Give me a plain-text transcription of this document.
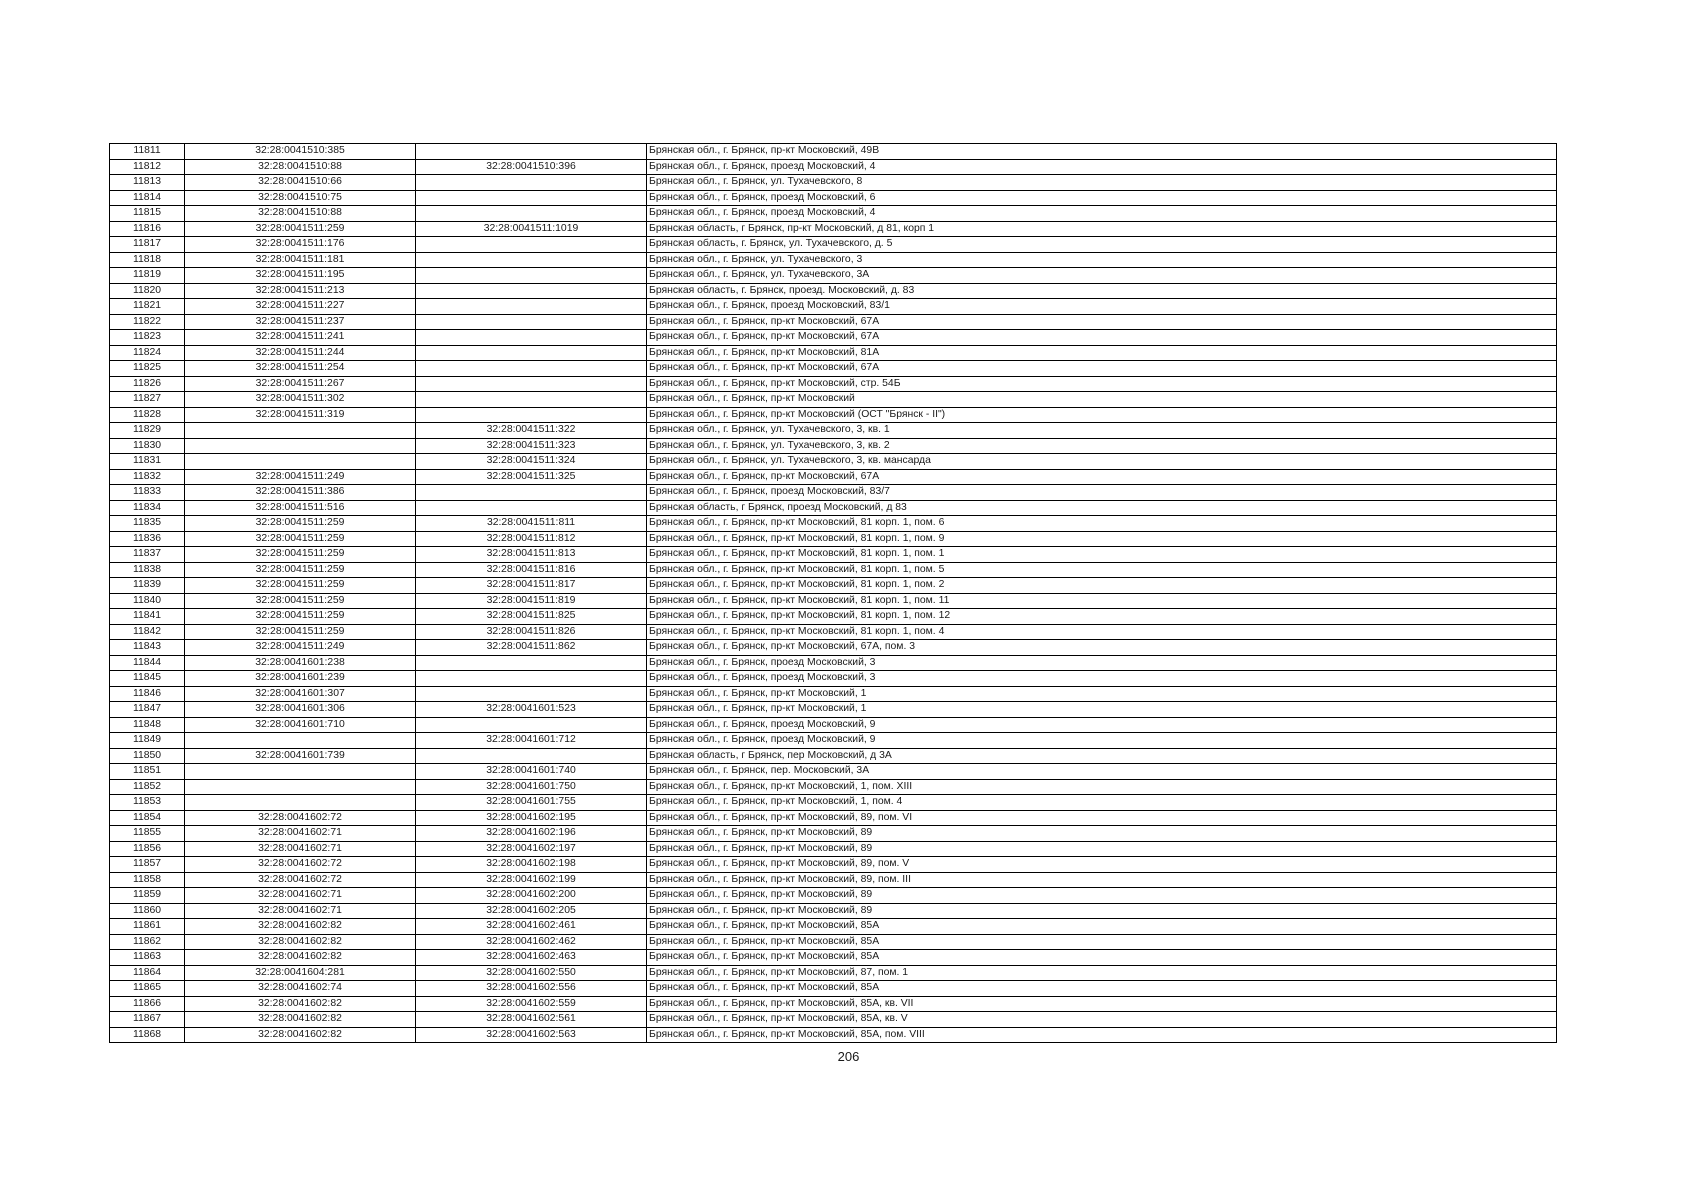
11811	32:28:0041510:385		Брянская обл., г. Брянск, пр-кт Московский, 49В
11812	32:28:0041510:88	32:28:0041510:396	Брянская обл., г. Брянск, проезд Московский, 4
11813	32:28:0041510:66		Брянская обл., г. Брянск, ул. Тухачевского, 8
11814	32:28:0041510:75		Брянская обл., г. Брянск, проезд Московский, 6
11815	32:28:0041510:88		Брянская обл., г. Брянск, проезд Московский, 4
11816	32:28:0041511:259	32:28:0041511:1019	Брянская область, г Брянск, пр-кт Московский, д 81, корп 1
11817	32:28:0041511:176		Брянская область, г. Брянск, ул. Тухачевского, д. 5
11818	32:28:0041511:181		Брянская обл., г. Брянск, ул. Тухачевского, 3
11819	32:28:0041511:195		Брянская обл., г. Брянск, ул. Тухачевского, 3А
11820	32:28:0041511:213		Брянская область, г. Брянск, проезд. Московский, д. 83
11821	32:28:0041511:227		Брянская обл., г. Брянск, проезд Московский, 83/1
11822	32:28:0041511:237		Брянская обл., г. Брянск, пр-кт Московский, 67А
11823	32:28:0041511:241		Брянская обл., г. Брянск, пр-кт Московский, 67А
11824	32:28:0041511:244		Брянская обл., г. Брянск, пр-кт Московский, 81А
11825	32:28:0041511:254		Брянская обл., г. Брянск, пр-кт Московский, 67А
11826	32:28:0041511:267		Брянская обл., г. Брянск, пр-кт Московский, стр. 54Б
11827	32:28:0041511:302		Брянская обл., г. Брянск, пр-кт Московский
11828	32:28:0041511:319		Брянская обл., г. Брянск, пр-кт Московский (ОСТ "Брянск - II")
11829		32:28:0041511:322	Брянская обл., г. Брянск, ул. Тухачевского, 3, кв. 1
11830		32:28:0041511:323	Брянская обл., г. Брянск, ул. Тухачевского, 3, кв. 2
11831		32:28:0041511:324	Брянская обл., г. Брянск, ул. Тухачевского, 3, кв. мансарда
11832	32:28:0041511:249	32:28:0041511:325	Брянская обл., г. Брянск, пр-кт Московский, 67А
11833	32:28:0041511:386		Брянская обл., г. Брянск, проезд Московский, 83/7
11834	32:28:0041511:516		Брянская область, г Брянск, проезд Московский, д 83
11835	32:28:0041511:259	32:28:0041511:811	Брянская обл., г. Брянск, пр-кт Московский, 81 корп. 1, пом. 6
11836	32:28:0041511:259	32:28:0041511:812	Брянская обл., г. Брянск, пр-кт Московский, 81 корп. 1, пом. 9
11837	32:28:0041511:259	32:28:0041511:813	Брянская обл., г. Брянск, пр-кт Московский, 81 корп. 1, пом. 1
11838	32:28:0041511:259	32:28:0041511:816	Брянская обл., г. Брянск, пр-кт Московский, 81 корп. 1, пом. 5
11839	32:28:0041511:259	32:28:0041511:817	Брянская обл., г. Брянск, пр-кт Московский, 81 корп. 1, пом. 2
11840	32:28:0041511:259	32:28:0041511:819	Брянская обл., г. Брянск, пр-кт Московский, 81 корп. 1, пом. 11
11841	32:28:0041511:259	32:28:0041511:825	Брянская обл., г. Брянск, пр-кт Московский, 81 корп. 1, пом. 12
11842	32:28:0041511:259	32:28:0041511:826	Брянская обл., г. Брянск, пр-кт Московский, 81 корп. 1, пом. 4
11843	32:28:0041511:249	32:28:0041511:862	Брянская обл., г. Брянск, пр-кт Московский, 67А, пом. 3
11844	32:28:0041601:238		Брянская обл., г. Брянск, проезд Московский, 3
11845	32:28:0041601:239		Брянская обл., г. Брянск, проезд Московский, 3
11846	32:28:0041601:307		Брянская обл., г. Брянск, пр-кт Московский, 1
11847	32:28:0041601:306	32:28:0041601:523	Брянская обл., г. Брянск, пр-кт Московский, 1
11848	32:28:0041601:710		Брянская обл., г. Брянск, проезд Московский, 9
11849		32:28:0041601:712	Брянская обл., г. Брянск, проезд Московский, 9
11850	32:28:0041601:739		Брянская область, г Брянск, пер Московский, д 3А
11851		32:28:0041601:740	Брянская обл., г. Брянск, пер. Московский, 3А
11852		32:28:0041601:750	Брянская обл., г. Брянск, пр-кт Московский, 1, пом. XIII
11853		32:28:0041601:755	Брянская обл., г. Брянск, пр-кт Московский, 1, пом. 4
11854	32:28:0041602:72	32:28:0041602:195	Брянская обл., г. Брянск, пр-кт Московский, 89, пом. VI
11855	32:28:0041602:71	32:28:0041602:196	Брянская обл., г. Брянск, пр-кт Московский, 89
11856	32:28:0041602:71	32:28:0041602:197	Брянская обл., г. Брянск, пр-кт Московский, 89
11857	32:28:0041602:72	32:28:0041602:198	Брянская обл., г. Брянск, пр-кт Московский, 89, пом. V
11858	32:28:0041602:72	32:28:0041602:199	Брянская обл., г. Брянск, пр-кт Московский, 89, пом. III
11859	32:28:0041602:71	32:28:0041602:200	Брянская обл., г. Брянск, пр-кт Московский, 89
11860	32:28:0041602:71	32:28:0041602:205	Брянская обл., г. Брянск, пр-кт Московский, 89
11861	32:28:0041602:82	32:28:0041602:461	Брянская обл., г. Брянск, пр-кт Московский, 85А
11862	32:28:0041602:82	32:28:0041602:462	Брянская обл., г. Брянск, пр-кт Московский, 85А
11863	32:28:0041602:82	32:28:0041602:463	Брянская обл., г. Брянск, пр-кт Московский, 85А
11864	32:28:0041604:281	32:28:0041602:550	Брянская обл., г. Брянск, пр-кт Московский, 87, пом. 1
11865	32:28:0041602:74	32:28:0041602:556	Брянская обл., г. Брянск, пр-кт Московский, 85А
11866	32:28:0041602:82	32:28:0041602:559	Брянская обл., г. Брянск, пр-кт Московский, 85А, кв. VII
11867	32:28:0041602:82	32:28:0041602:561	Брянская обл., г. Брянск, пр-кт Московский, 85А, кв. V
11868	32:28:0041602:82	32:28:0041602:563	Брянская обл., г. Брянск, пр-кт Московский, 85А, пом. VIII
206
